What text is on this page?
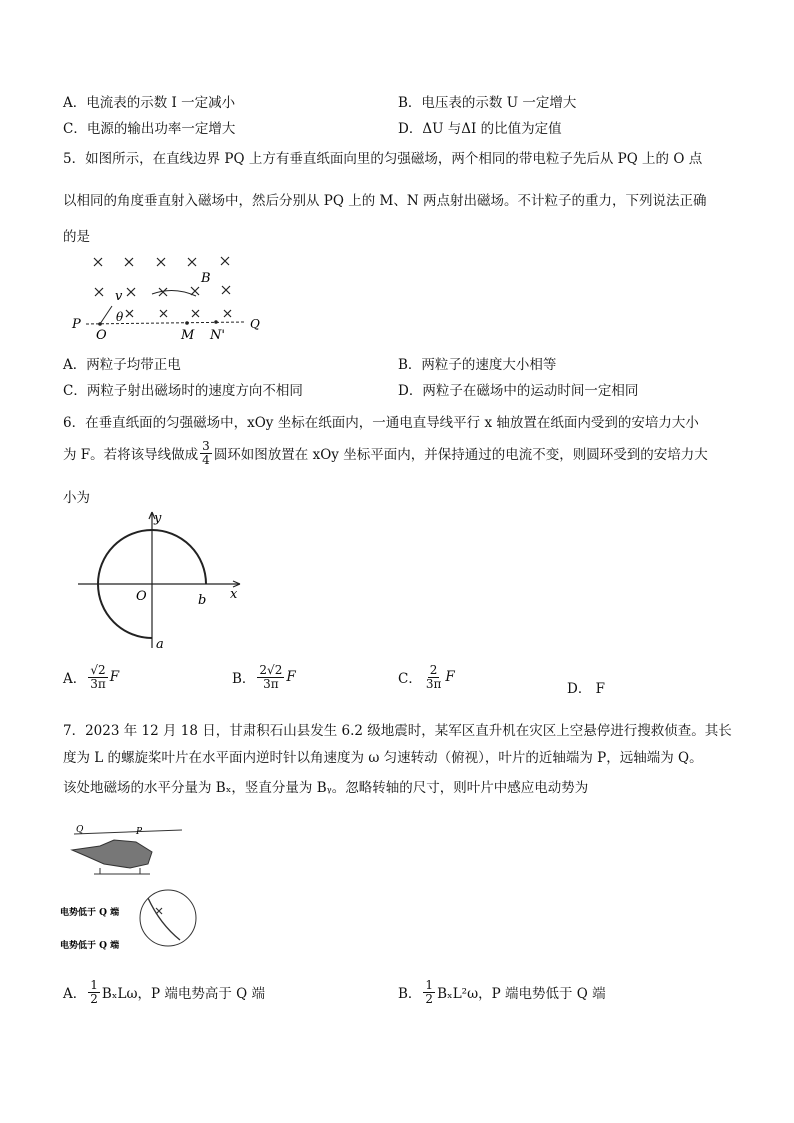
A．电流表的示数 I 一定减小	B．电压表的示数 U 一定增大
C．电源的输出功率一定增大	D．ΔU 与ΔI 的比值为定值
5．如图所示，在直线边界 PQ 上方有垂直纸面向里的匀强磁场，两个相同的带电粒子先后从 PQ 上的 O 点
以相同的角度垂直射入磁场中，然后分别从 PQ 上的 M、N 两点射出磁场。不计粒子的重力，下列说法正确
的是
B
v
θ
P
O	M N'
Q
A．两粒子均带正电	B．两粒子的速度大小相等
C．两粒子射出磁场时的速度方向不相同	D．两粒子在磁场中的运动时间一定相同
6．在垂直纸面的匀强磁场中，xOy 坐标在纸面内，一通电直导线平行 x 轴放置在纸面内受到的安培力大小
为 F。若将该导线做成 $\frac{3}{4}$ 圆环如图放置在 xOy 坐标平面内，并保持通过的电流不变，则圆环受到的安培力大
小为
y
x
O
a
b
A． $\frac{√2}{3\pi}$ F	B． $\frac{2√2}{3\pi}$ F	C． $\frac{2}{3\pi}$ F
D． F
7．2023 年 12 月 18 日，甘肃积石山县发生 6.2 级地震时，某军区直升机在灾区上空悬停进行搜救侦查。其长
度为 L 的螺旋桨叶片在水平面内逆时针以角速度为 ω 匀速转动（俯视），叶片的近轴端为 P，远轴端为 Q。
该处地磁场的水平分量为 Bₓ，竖直分量为 Bᵧ。忽略转轴的尺寸，则叶片中感应电动势为
Q	P
电势低于 Q 端
电势低于 Q 端
A． $\frac{1}{2}$ BₓLω，P 端电势高于 Q 端	B． $\frac{1}{2} B_xL^2\omega$，P 端电势低于 Q 端
